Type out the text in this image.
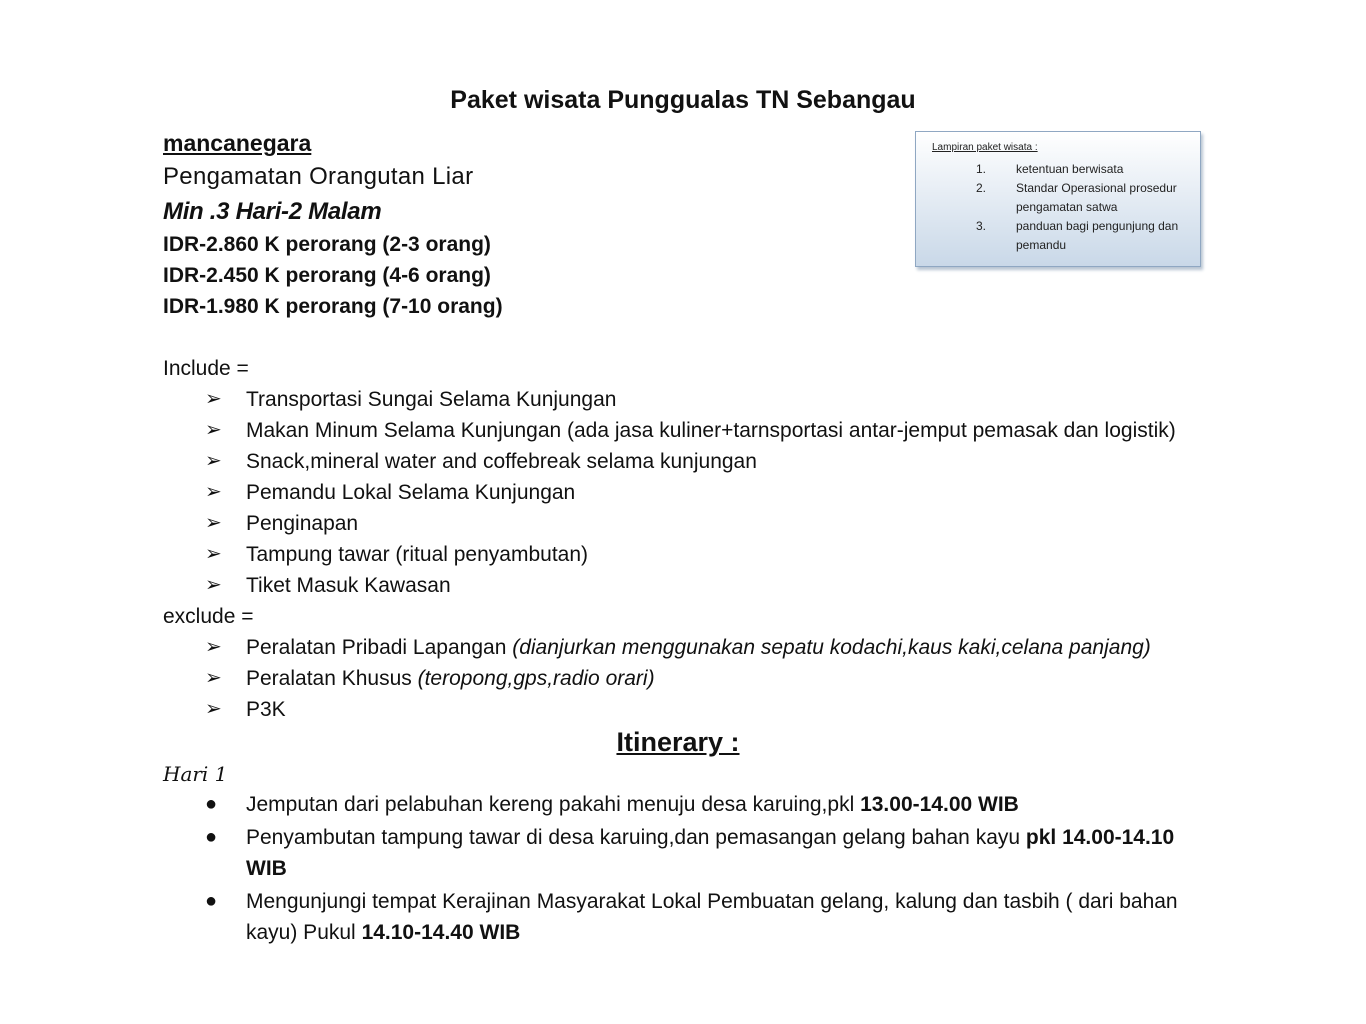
Paket wisata Punggualas TN Sebangau
mancanegara
Pengamatan Orangutan Liar
Min .3 Hari-2 Malam
IDR-2.860 K perorang (2-3 orang)
IDR-2.450 K perorang (4-6 orang)
IDR-1.980 K perorang (7-10 orang)
Lampiran paket wisata :
1. ketentuan berwisata
2. Standar Operasional prosedur pengamatan satwa
3. panduan bagi pengunjung dan pemandu
Include =
➢ Transportasi Sungai Selama Kunjungan
➢ Makan Minum Selama Kunjungan (ada jasa kuliner+tarnsportasi antar-jemput pemasak dan logistik)
➢ Snack,mineral water and coffebreak selama kunjungan
➢ Pemandu Lokal Selama Kunjungan
➢ Penginapan
➢ Tampung tawar (ritual penyambutan)
➢ Tiket Masuk Kawasan
exclude =
➢ Peralatan Pribadi Lapangan (dianjurkan menggunakan sepatu kodachi,kaus kaki,celana panjang)
➢ Peralatan Khusus (teropong,gps,radio orari)
➢ P3K
Itinerary :
Hari 1
● Jemputan dari pelabuhan kereng pakahi menuju desa karuing,pkl 13.00-14.00 WIB
● Penyambutan tampung tawar di desa karuing,dan pemasangan gelang bahan kayu pkl 14.00-14.10 WIB
● Mengunjungi tempat Kerajinan Masyarakat Lokal Pembuatan gelang, kalung dan tasbih ( dari bahan kayu) Pukul 14.10-14.40 WIB
